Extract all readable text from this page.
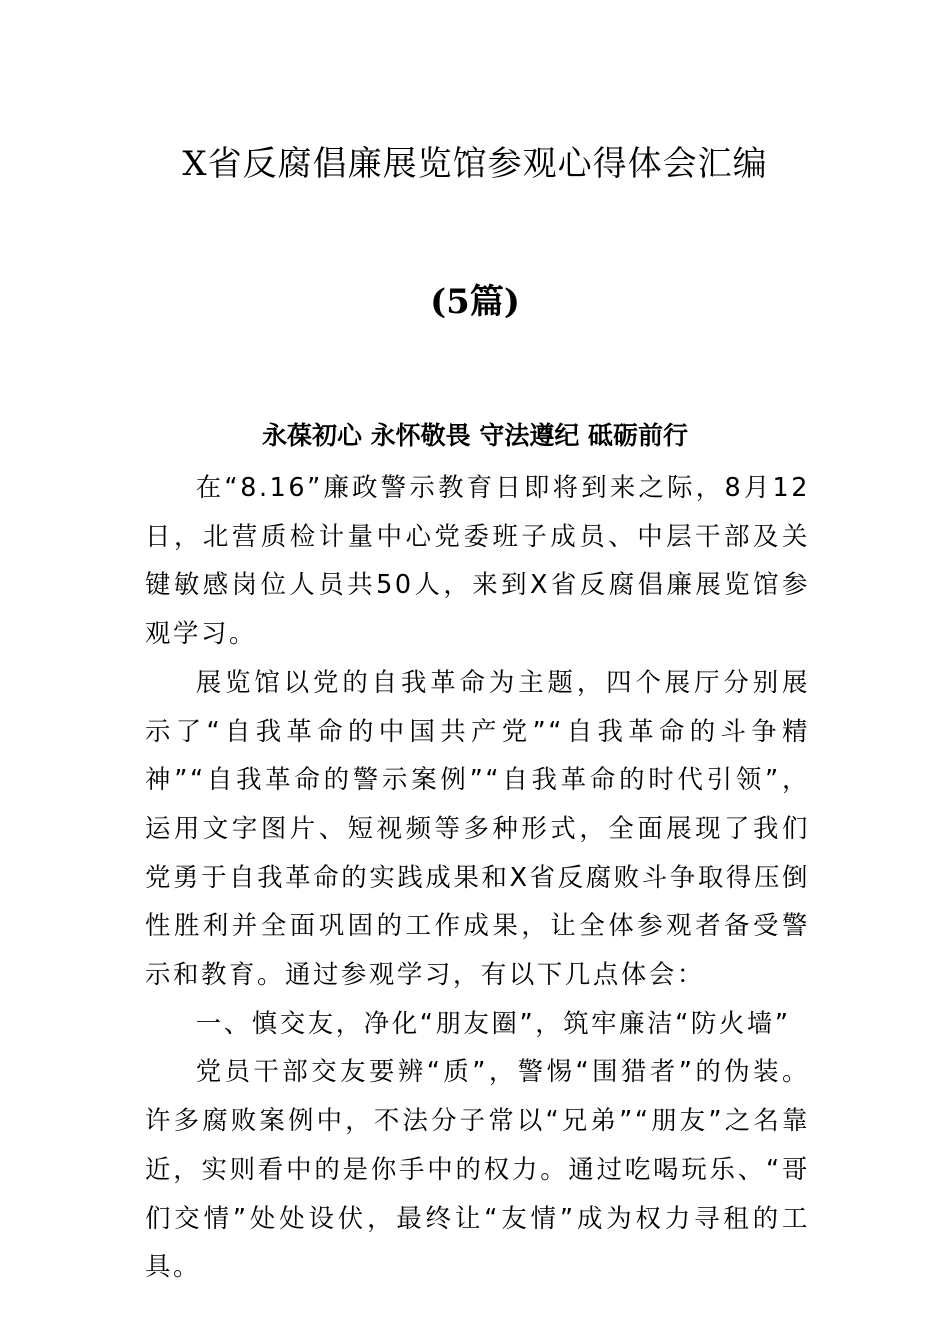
X省反腐倡廉展览馆参观心得体会汇编
(5篇)
永葆初心 永怀敬畏 守法遵纪 砥砺前行

在“8.16”廉政警示教育日即将到来之际，8月12日，北营质检计量中心党委班子成员、中层干部及关键敏感岗位人员共50人，来到X省反腐倡廉展览馆参观学习。

展览馆以党的自我革命为主题，四个展厅分别展示了“自我革命的中国共产党”“自我革命的斗争精神”“自我革命的警示案例”“自我革命的时代引领”，运用文字图片、短视频等多种形式，全面展现了我们党勇于自我革命的实践成果和X省反腐败斗争取得压倒性胜利并全面巩固的工作成果，让全体参观者备受警示和教育。通过参观学习，有以下几点体会：

一、慎交友，净化“朋友圈”，筑牢廉洁“防火墙”

党员干部交友要辨“质”，警惕“围猎者”的伪装。许多腐败案例中，不法分子常以“兄弟”“朋友”之名靠近，实则看中的是你手中的权力。通过吃喝玩乐、“哥们交情”处处设伏，最终让“友情”成为权力寻租的工具。
